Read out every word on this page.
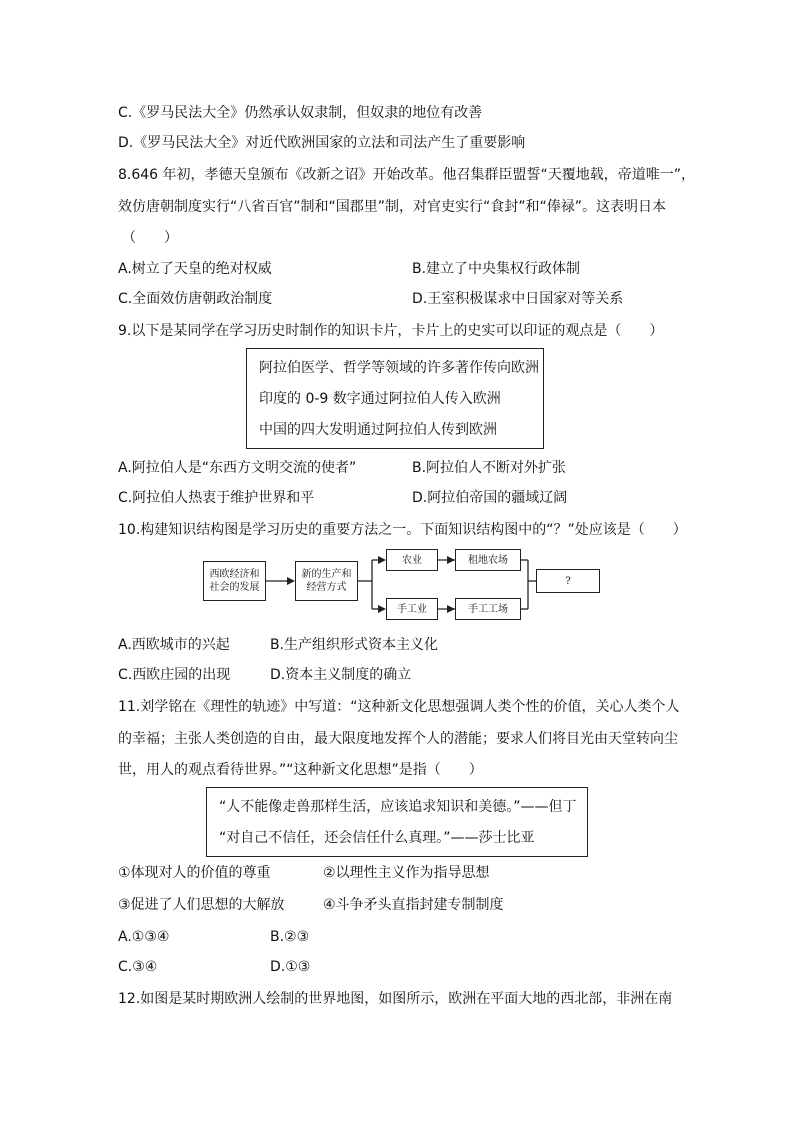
C.《罗马民法大全》仍然承认奴隶制，但奴隶的地位有改善
D.《罗马民法大全》对近代欧洲国家的立法和司法产生了重要影响
8.646 年初，孝德天皇颁布《改新之诏》开始改革。他召集群臣盟誓“天覆地载，帝道唯一”，
效仿唐朝制度实行“八省百官”制和“国郡里”制，对官吏实行“食封”和“俸禄”。这表明日本
（　　）
A.树立了天皇的绝对权威	B.建立了中央集权行政体制
C.全面效仿唐朝政治制度	D.王室积极谋求中日国家对等关系
9.以下是某同学在学习历史时制作的知识卡片，卡片上的史实可以印证的观点是（　　）
阿拉伯医学、哲学等领域的许多著作传向欧洲
印度的 0-9 数字通过阿拉伯人传入欧洲
中国的四大发明通过阿拉伯人传到欧洲
A.阿拉伯人是“东西方文明交流的使者”	B.阿拉伯人不断对外扩张
C.阿拉伯人热衷于维护世界和平	D.阿拉伯帝国的疆域辽阔
10.构建知识结构图是学习历史的重要方法之一。下面知识结构图中的“？”处应该是（　　）
西欧经济和
社会的发展
新的生产和
经营方式
农业	租地农场
手工业	手工工场
?
A.西欧城市的兴起	B.生产组织形式资本主义化
C.西欧庄园的出现	D.资本主义制度的确立
11.刘学铭在《理性的轨迹》中写道：“这种新文化思想强调人类个性的价值，关心人类个人
的幸福；主张人类创造的自由，最大限度地发挥个人的潜能；要求人们将目光由天堂转向尘
世，用人的观点看待世界。”“这种新文化思想”是指（　　）
“人不能像走兽那样生活，应该追求知识和美德。”——但丁
“对自己不信任，还会信任什么真理。”——莎士比亚
①体现对人的价值的尊重	②以理性主义作为指导思想
③促进了人们思想的大解放	④斗争矛头直指封建专制制度
A.①③④	B.②③
C.③④	D.①③
12.如图是某时期欧洲人绘制的世界地图，如图所示，欧洲在平面大地的西北部，非洲在南
